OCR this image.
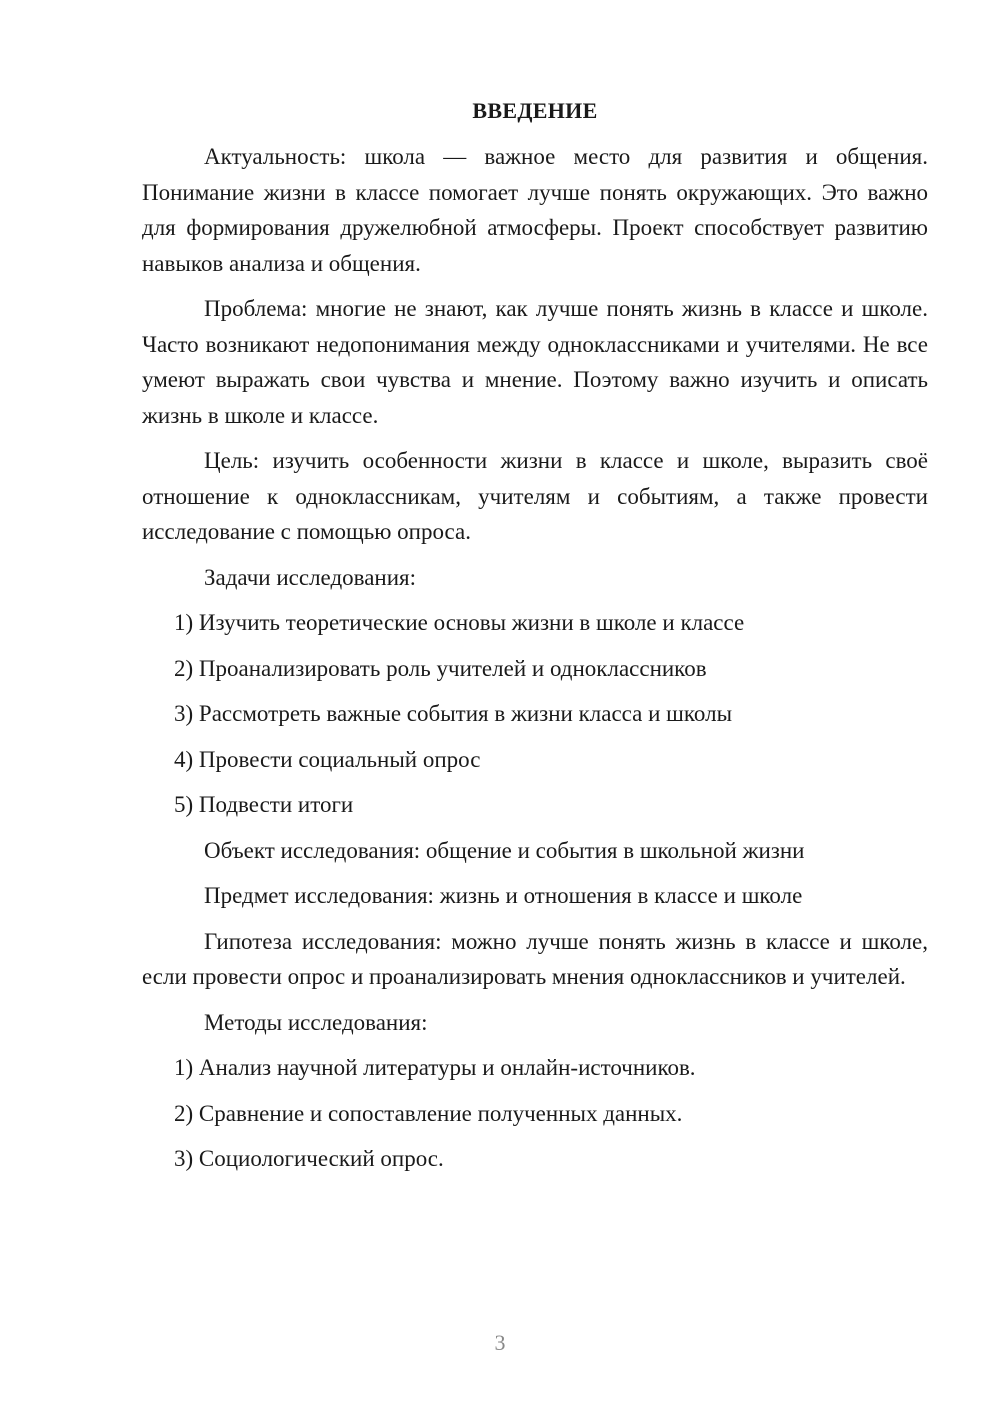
ВВЕДЕНИЕ

Актуальность: школа — важное место для развития и общения. Понимание жизни в классе помогает лучше понять окружающих. Это важно для формирования дружелюбной атмосферы. Проект способствует развитию навыков анализа и общения.

Проблема: многие не знают, как лучше понять жизнь в классе и школе. Часто возникают недопонимания между одноклассниками и учителями. Не все умеют выражать свои чувства и мнение. Поэтому важно изучить и описать жизнь в школе и классе.

Цель: изучить особенности жизни в классе и школе, выразить своё отношение к одноклассникам, учителям и событиям, а также провести исследование с помощью опроса.

Задачи исследования:

1) Изучить теоретические основы жизни в школе и классе

2) Проанализировать роль учителей и одноклассников

3) Рассмотреть важные события в жизни класса и школы

4) Провести социальный опрос

5) Подвести итоги

Объект исследования: общение и события в школьной жизни

Предмет исследования: жизнь и отношения в классе и школе

Гипотеза исследования: можно лучше понять жизнь в классе и школе, если провести опрос и проанализировать мнения одноклассников и учителей.

Методы исследования:

1) Анализ научной литературы и онлайн-источников.

2) Сравнение и сопоставление полученных данных.

3) Социологический опрос.

3
